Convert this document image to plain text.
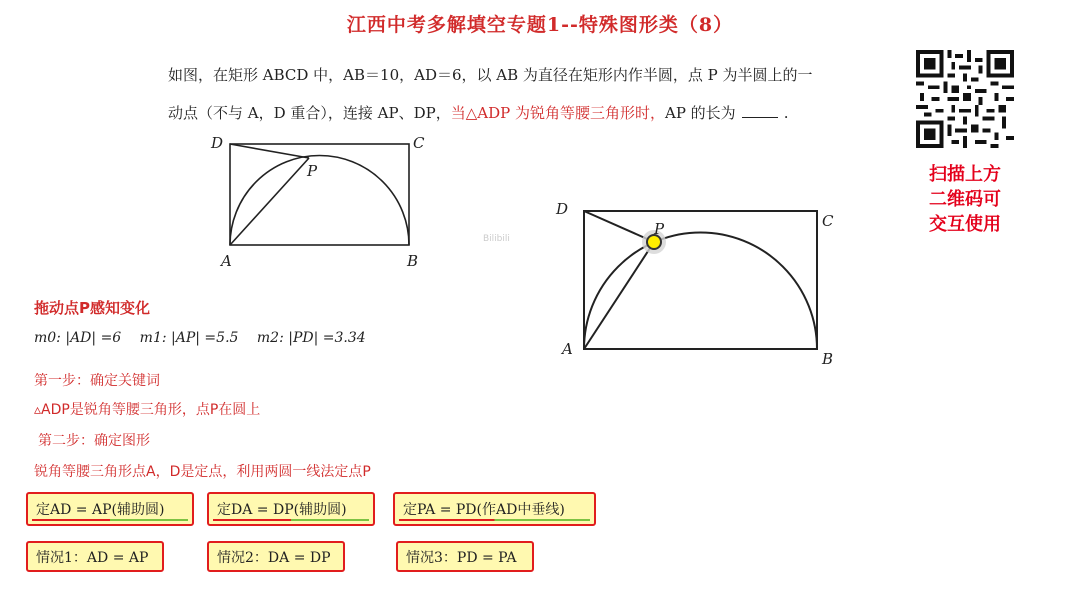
江西中考多解填空专题1--特殊图形类（8）
如图，在矩形 ABCD 中，AB＝10，AD＝6，以 AB 为直径在矩形内作半圆，点 P 为半圆上的一
动点（不与 A，D 重合），连接 AP、DP，当△ADP 为锐角等腰三角形时，AP 的长为	.
扫描上方
二维码可
交互使用
D	C
P
A	B
D
C
P
A
B
Bilibili
拖动点P感知变化
m0: |AD| =6 m1: |AP| =5.5 m2: |PD| =3.34
第一步：确定关键词
▵ADP是锐角等腰三角形，点P在圆上
第二步：确定图形
锐角等腰三角形点A，D是定点，利用两圆一线法定点P
定AD = AP(辅助圆)	定DA = DP(辅助圆)	定PA = PD(作AD中垂线)
情况1：AD = AP	情况2：DA = DP	情况3：PD = PA
